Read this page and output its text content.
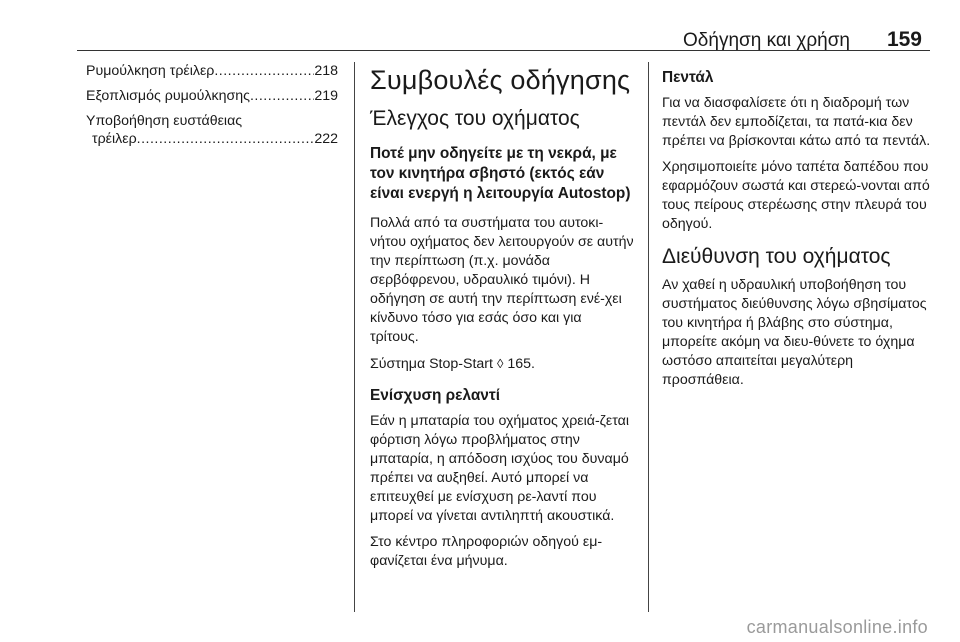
Οδήγηση και χρήση 159
Ρυμούλκηση τρέιλερ .....	218
Εξοπλισμός ρυμούλκησης .....	219
Υποβοήθηση ευστάθειας
τρέιλερ .....	222
Συμβουλές οδήγησης
Έλεγχος του οχήματος
Ποτέ μην οδηγείτε με τη νεκρά, με τον κινητήρα σβηστό (εκτός εάν είναι ενεργή η λειτουργία Autostop)

Πολλά από τα συστήματα του αυτοκι-νήτου οχήματος δεν λειτουργούν σε αυτήν την περίπτωση (π.χ. μονάδα σερβόφρενου, υδραυλικό τιμόνι). Η οδήγηση σε αυτή την περίπτωση ενέ-χει κίνδυνο τόσο για εσάς όσο και για τρίτους.

Σύστημα Stop-Start ◊ 165.

Ενίσχυση ρελαντί

Εάν η μπαταρία του οχήματος χρειά-ζεται φόρτιση λόγω προβλήματος στην μπαταρία, η απόδοση ισχύος του δυναμό πρέπει να αυξηθεί. Αυτό μπορεί να επιτευχθεί με ενίσχυση ρε-λαντί που μπορεί να γίνεται αντιληπτή ακουστικά.

Στο κέντρο πληροφοριών οδηγού εμ-φανίζεται ένα μήνυμα.

Πεντάλ

Για να διασφαλίσετε ότι η διαδρομή των πεντάλ δεν εμποδίζεται, τα πατά-κια δεν πρέπει να βρίσκονται κάτω από τα πεντάλ.

Χρησιμοποιείτε μόνο ταπέτα δαπέδου που εφαρμόζουν σωστά και στερεώ-νονται από τους πείρους στερέωσης στην πλευρά του οδηγού.

Διεύθυνση του οχήματος

Αν χαθεί η υδραυλική υποβοήθηση του συστήματος διεύθυνσης λόγω σβησίματος του κινητήρα ή βλάβης στο σύστημα, μπορείτε ακόμη να διευ-θύνετε το όχημα ωστόσο απαιτείται μεγαλύτερη προσπάθεια.

carmanualsonline.info
